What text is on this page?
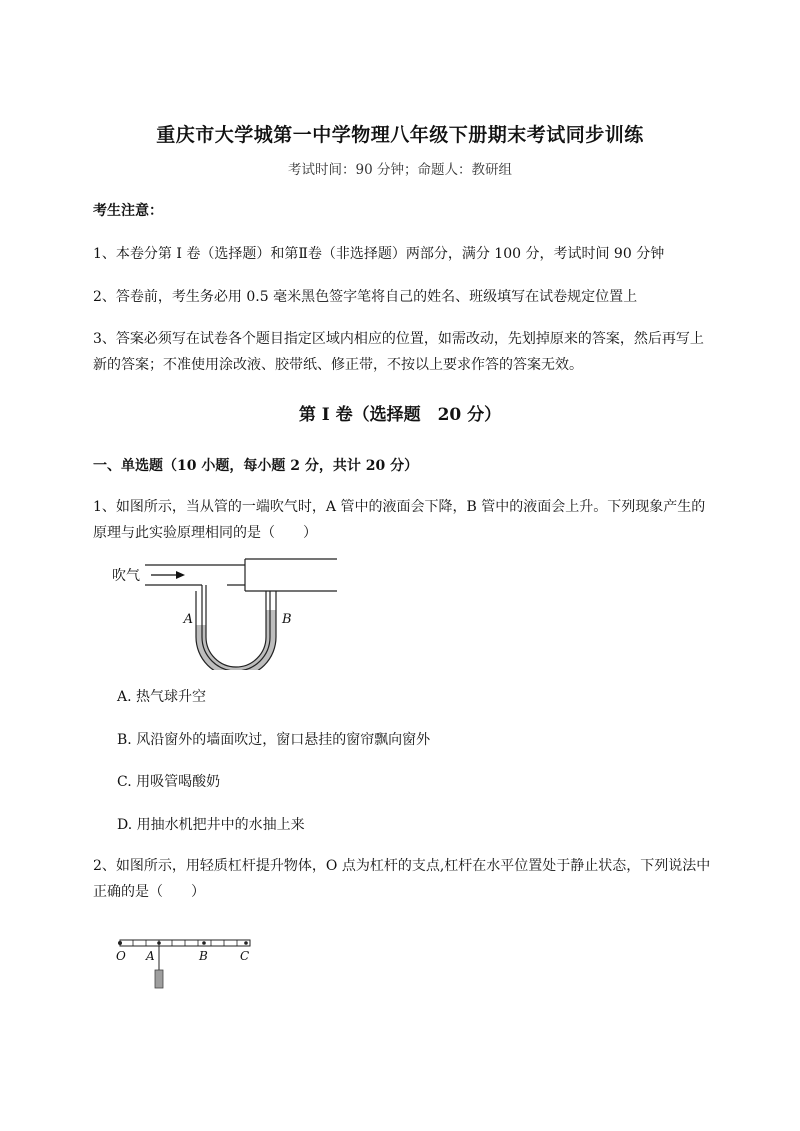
重庆市大学城第一中学物理八年级下册期末考试同步训练
考试时间：90 分钟；命题人：教研组
考生注意：
1、本卷分第 I 卷（选择题）和第Ⅱ卷（非选择题）两部分，满分 100 分，考试时间 90 分钟
2、答卷前，考生务必用 0.5 毫米黑色签字笔将自己的姓名、班级填写在试卷规定位置上
3、答案必须写在试卷各个题目指定区域内相应的位置，如需改动，先划掉原来的答案，然后再写上新的答案；不准使用涂改液、胶带纸、修正带，不按以上要求作答的答案无效。
第 I 卷（选择题　20 分）
一、单选题（10 小题，每小题 2 分，共计 20 分）
1、如图所示，当从管的一端吹气时，A 管中的液面会下降，B 管中的液面会上升。下列现象产生的原理与此实验原理相同的是（　　）
吹气
A	B
A. 热气球升空
B. 风沿窗外的墙面吹过，窗口悬挂的窗帘飘向窗外
C. 用吸管喝酸奶
D. 用抽水机把井中的水抽上来
2、如图所示，用轻质杠杆提升物体，O 点为杠杆的支点,杠杆在水平位置处于静止状态，下列说法中正确的是（　　）
O A	B	C
